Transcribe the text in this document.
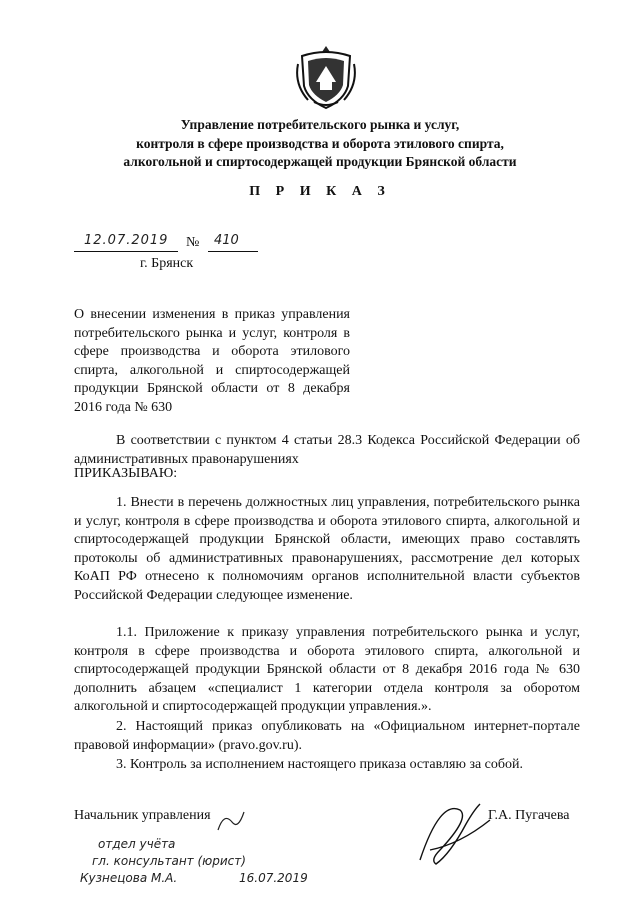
Управление потребительского рынка и услуг,
контроля в сфере производства и оборота этилового спирта,
алкогольной и спиртосодержащей продукции Брянской области
П Р И К А З
12.07.2019 № 410
г. Брянск
О внесении изменения в приказ управления потребительского рынка и услуг, контроля в сфере производства и оборота этилового спирта, алкогольной и спиртосодержащей продукции Брянской области от 8 декабря 2016 года № 630
В соответствии с пунктом 4 статьи 28.3 Кодекса Российской Федерации об административных правонарушениях
ПРИКАЗЫВАЮ:
1. Внести в перечень должностных лиц управления, потребительского рынка и услуг, контроля в сфере производства и оборота этилового спирта, алкогольной и спиртосодержащей продукции Брянской области, имеющих право составлять протоколы об административных правонарушениях, рассмотрение дел которых КоАП РФ отнесено к полномочиям органов исполнительной власти субъектов Российской Федерации следующее изменение.
1.1. Приложение к приказу управления потребительского рынка и услуг, контроля в сфере производства и оборота этилового спирта, алкогольной и спиртосодержащей продукции Брянской области от 8 декабря 2016 года № 630 дополнить абзацем «специалист 1 категории отдела контроля за оборотом алкогольной и спиртосодержащей продукции управления.».
2. Настоящий приказ опубликовать на «Официальном интернет-портале правовой информации» (pravo.gov.ru).
3. Контроль за исполнением настоящего приказа оставляю за собой.
Начальник управления	Г.А. Пугачева
отдел учёта
гл. консультант (юрист)
Кузнецова М.А.	16.07.2019
